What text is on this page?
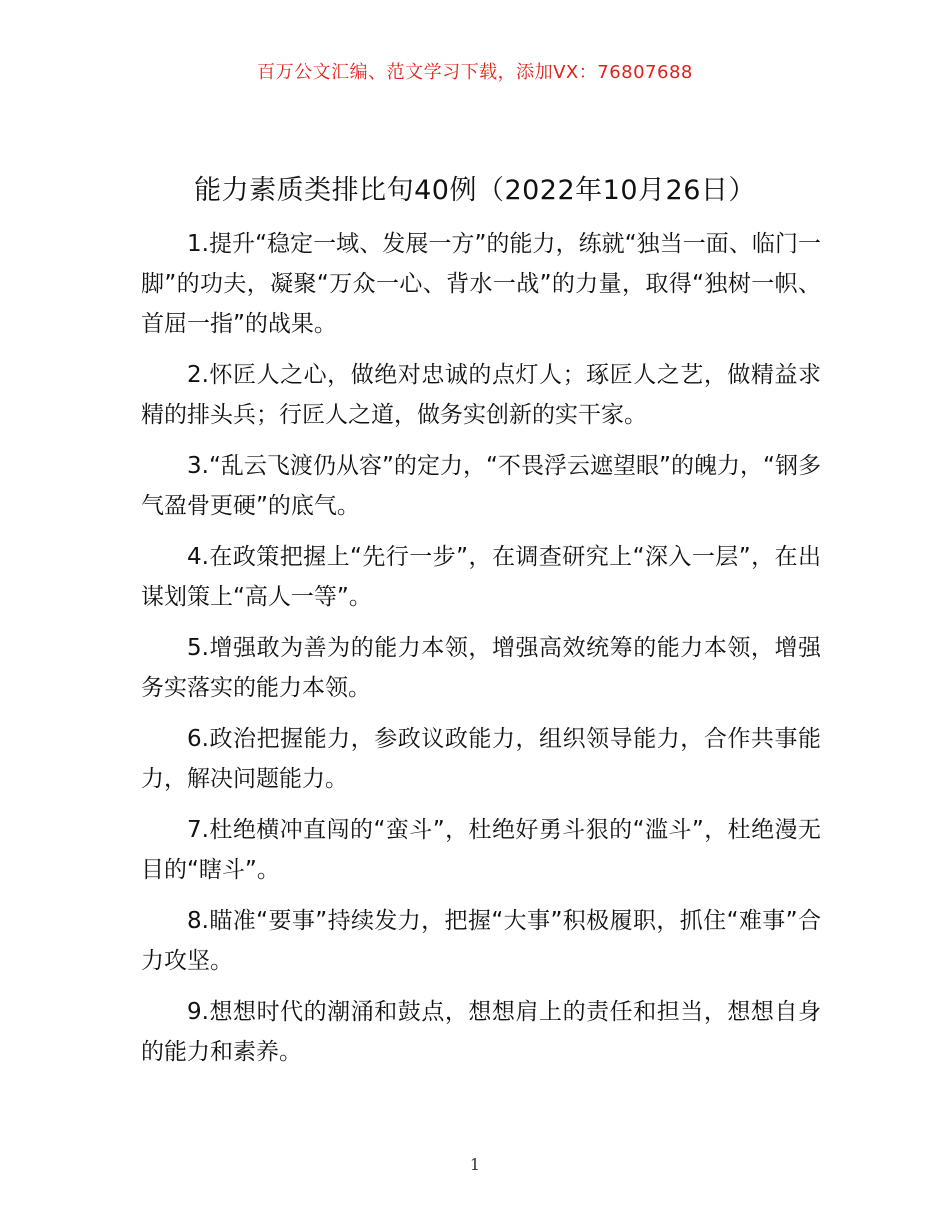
百万公文汇编、范文学习下载，添加VX：76807688
能力素质类排比句40例（2022年10月26日）

1.提升“稳定一域、发展一方”的能力，练就“独当一面、临门一脚”的功夫，凝聚“万众一心、背水一战”的力量，取得“独树一帜、首屈一指”的战果。

2.怀匠人之心，做绝对忠诚的点灯人；琢匠人之艺，做精益求精的排头兵；行匠人之道，做务实创新的实干家。

3.“乱云飞渡仍从容”的定力，“不畏浮云遮望眼”的魄力，“钢多气盈骨更硬”的底气。

4.在政策把握上“先行一步”，在调查研究上“深入一层”，在出谋划策上“高人一等”。

5.增强敢为善为的能力本领，增强高效统筹的能力本领，增强务实落实的能力本领。

6.政治把握能力，参政议政能力，组织领导能力，合作共事能力，解决问题能力。

7.杜绝横冲直闯的“蛮斗”，杜绝好勇斗狠的“滥斗”，杜绝漫无目的“瞎斗”。

8.瞄准“要事”持续发力，把握“大事”积极履职，抓住“难事”合力攻坚。

9.想想时代的潮涌和鼓点，想想肩上的责任和担当，想想自身的能力和素养。

1
